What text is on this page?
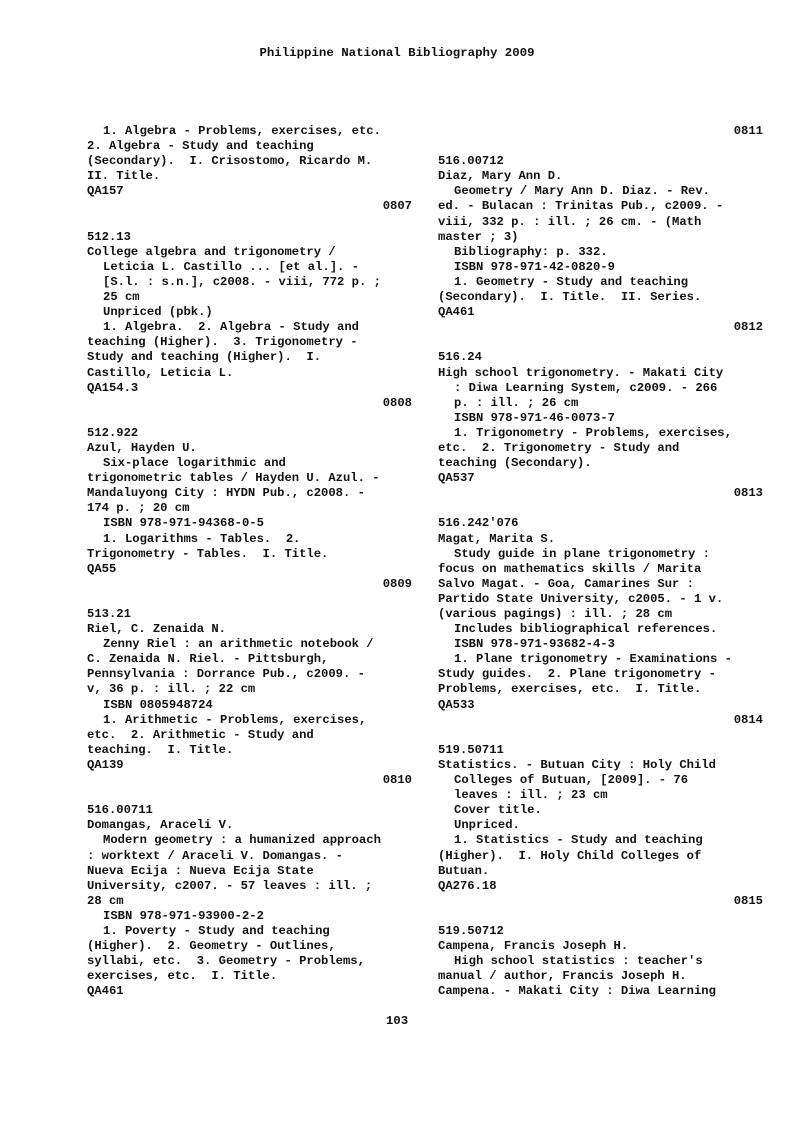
Philippine National Bibliography 2009
1. Algebra - Problems, exercises, etc.
2. Algebra - Study and teaching
(Secondary).  I. Crisostomo, Ricardo M.
II. Title.
QA157
0807
512.13
College algebra and trigonometry /
Leticia L. Castillo ... [et al.]. -
[S.l. : s.n.], c2008. - viii, 772 p. ;
25 cm
Unpriced (pbk.)
1. Algebra.  2. Algebra - Study and
teaching (Higher).  3. Trigonometry -
Study and teaching (Higher).  I.
Castillo, Leticia L.
QA154.3
0808
512.922
Azul, Hayden U.
Six-place logarithmic and
trigonometric tables / Hayden U. Azul. -
Mandaluyong City : HYDN Pub., c2008. -
174 p. ; 20 cm
ISBN 978-971-94368-0-5
1. Logarithms - Tables.  2.
Trigonometry - Tables.  I. Title.
QA55
0809
513.21
Riel, C. Zenaida N.
Zenny Riel : an arithmetic notebook /
C. Zenaida N. Riel. - Pittsburgh,
Pennsylvania : Dorrance Pub., c2009. -
v, 36 p. : ill. ; 22 cm
ISBN 0805948724
1. Arithmetic - Problems, exercises,
etc.  2. Arithmetic - Study and
teaching.  I. Title.
QA139
0810
516.00711
Domangas, Araceli V.
Modern geometry : a humanized approach
: worktext / Araceli V. Domangas. -
Nueva Ecija : Nueva Ecija State
University, c2007. - 57 leaves : ill. ;
28 cm
ISBN 978-971-93900-2-2
1. Poverty - Study and teaching
(Higher).  2. Geometry - Outlines,
syllabi, etc.  3. Geometry - Problems,
exercises, etc.  I. Title.
QA461
0811
516.00712
Diaz, Mary Ann D.
Geometry / Mary Ann D. Diaz. - Rev.
ed. - Bulacan : Trinitas Pub., c2009. -
viii, 332 p. : ill. ; 26 cm. - (Math
master ; 3)
Bibliography: p. 332.
ISBN 978-971-42-0820-9
1. Geometry - Study and teaching
(Secondary).  I. Title.  II. Series.
QA461
0812
516.24
High school trigonometry. - Makati City
: Diwa Learning System, c2009. - 266
p. : ill. ; 26 cm
ISBN 978-971-46-0073-7
1. Trigonometry - Problems, exercises,
etc.  2. Trigonometry - Study and
teaching (Secondary).
QA537
0813
516.242'076
Magat, Marita S.
Study guide in plane trigonometry :
focus on mathematics skills / Marita
Salvo Magat. - Goa, Camarines Sur :
Partido State University, c2005. - 1 v.
(various pagings) : ill. ; 28 cm
Includes bibliographical references.
ISBN 978-971-93682-4-3
1. Plane trigonometry - Examinations -
Study guides.  2. Plane trigonometry -
Problems, exercises, etc.  I. Title.
QA533
0814
519.50711
Statistics. - Butuan City : Holy Child
Colleges of Butuan, [2009]. - 76
leaves : ill. ; 23 cm
Cover title.
Unpriced.
1. Statistics - Study and teaching
(Higher).  I. Holy Child Colleges of
Butuan.
QA276.18
0815
519.50712
Campena, Francis Joseph H.
High school statistics : teacher's
manual / author, Francis Joseph H.
Campena. - Makati City : Diwa Learning
103
